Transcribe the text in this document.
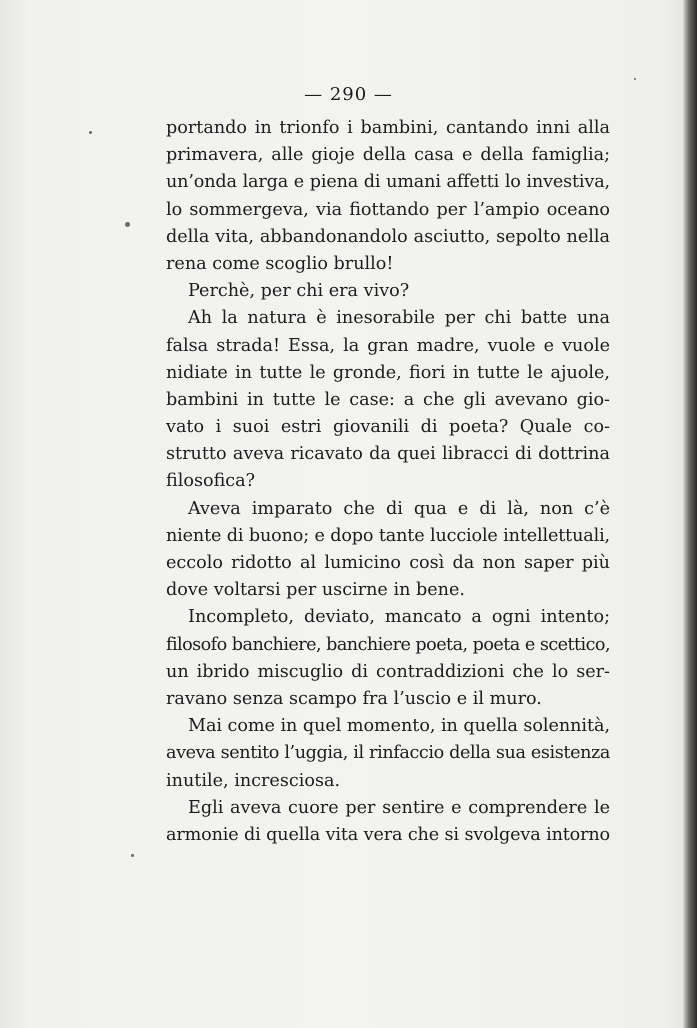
— 290 —
portando in trionfo i bambini, cantando inni alla
primavera, alle gioje della casa e della famiglia;
un’onda larga e piena di umani affetti lo investiva,
lo sommergeva, via fiottando per l’ampio oceano
della vita, abbandonandolo asciutto, sepolto nella
rena come scoglio brullo!
Perchè, per chi era vivo?
Ah la natura è inesorabile per chi batte una
falsa strada! Essa, la gran madre, vuole e vuole
nidiate in tutte le gronde, fiori in tutte le ajuole,
bambini in tutte le case: a che gli avevano gio-
vato i suoi estri giovanili di poeta? Quale co-
strutto aveva ricavato da quei libracci di dottrina
filosofica?
Aveva imparato che di qua e di là, non c’è
niente di buono; e dopo tante lucciole intellettuali,
eccolo ridotto al lumicino così da non saper più
dove voltarsi per uscirne in bene.
Incompleto, deviato, mancato a ogni intento;
filosofo banchiere, banchiere poeta, poeta e scettico,
un ibrido miscuglio di contraddizioni che lo ser-
ravano senza scampo fra l’uscio e il muro.
Mai come in quel momento, in quella solennità,
aveva sentito l’uggia, il rinfaccio della sua esistenza
inutile, incresciosa.
Egli aveva cuore per sentire e comprendere le
armonie di quella vita vera che si svolgeva intorno
